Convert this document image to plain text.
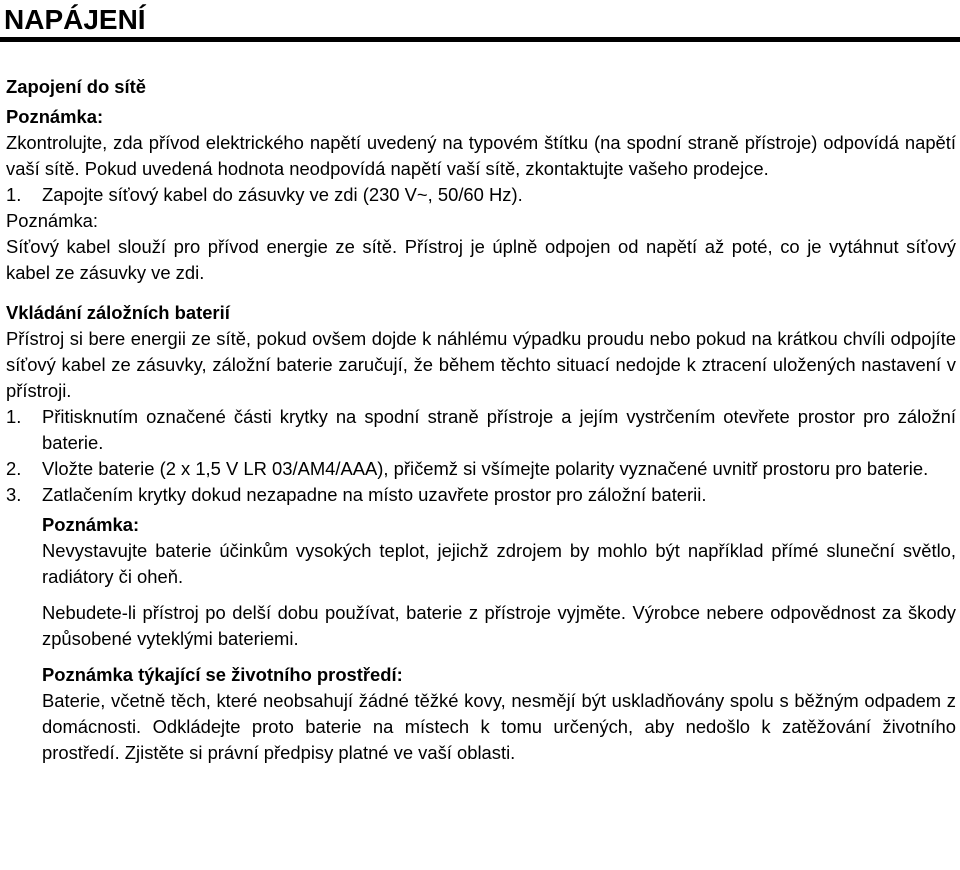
NAPÁJENÍ
Zapojení do sítě
Poznámka:

Zkontrolujte, zda přívod elektrického napětí uvedený na typovém štítku (na spodní straně přístroje) odpovídá napětí vaší sítě. Pokud uvedená hodnota neodpovídá napětí vaší sítě, zkontaktujte vašeho prodejce.

1. Zapojte síťový kabel do zásuvky ve zdi (230 V~, 50/60 Hz).
Poznámka:

Síťový kabel slouží pro přívod energie ze sítě. Přístroj je úplně odpojen od napětí až poté, co je vytáhnut síťový kabel ze zásuvky ve zdi.

Vkládání záložních baterií

Přístroj si bere energii ze sítě, pokud ovšem dojde k náhlému výpadku proudu nebo pokud na krátkou chvíli odpojíte síťový kabel ze zásuvky, záložní baterie zaručují, že během těchto situací nedojde k ztracení uložených nastavení v přístroji.

1. Přitisknutím označené části krytky na spodní straně přístroje a jejím vystrčením otevřete prostor pro záložní baterie.
2. Vložte baterie (2 x 1,5 V LR 03/AM4/AAA), přičemž si všímejte polarity vyznačené uvnitř prostoru pro baterie.
3. Zatlačením krytky dokud nezapadne na místo uzavřete prostor pro záložní baterii.
Poznámka:

Nevystavujte baterie účinkům vysokých teplot, jejichž zdrojem by mohlo být například přímé sluneční světlo, radiátory či oheň.

Nebudete-li přístroj po delší dobu používat, baterie z přístroje vyjměte. Výrobce nebere odpovědnost za škody způsobené vyteklými bateriemi.

Poznámka týkající se životního prostředí:

Baterie, včetně těch, které neobsahují žádné těžké kovy, nesmějí být uskladňovány spolu s běžným odpadem z domácnosti. Odkládejte proto baterie na místech k tomu určených, aby nedošlo k zatěžování životního prostředí. Zjistěte si právní předpisy platné ve vaší oblasti.
